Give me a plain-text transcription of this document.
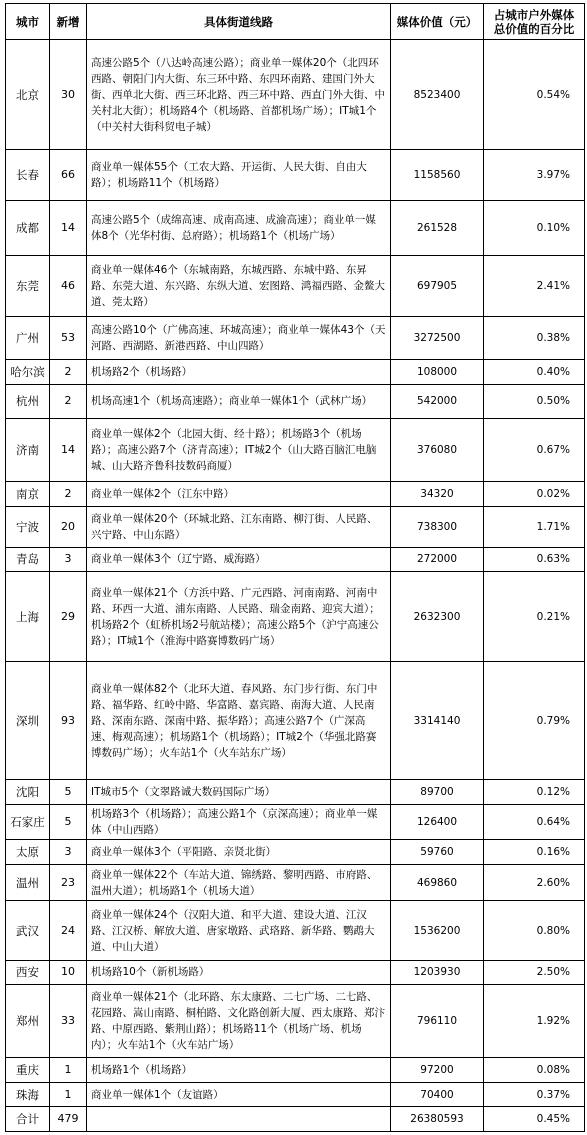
城市	新增	具体街道线路	媒体价值（元）	占城市户外媒体总价值的百分比
北京	30	高速公路5个（八达岭高速公路）；商业单一媒体20个（北四环西路、朝阳门内大街、东三环中路、东四环南路、建国门外大街、西单北大街、西三环北路、西三环中路、西直门外大街、中关村北大街）；机场路4个（机场路、首都机场广场）；IT城1个（中关村大街科贸电子城）	8523400	0.54%
长春	66	商业单一媒体55个（工农大路、开运街、人民大街、自由大路）；机场路11个（机场路）	1158560	3.97%
成都	14	高速公路5个（成绵高速、成南高速、成渝高速）；商业单一媒体8个（光华村街、总府路）；机场路1个（机场广场）	261528	0.10%
东莞	46	商业单一媒体46个（东城南路，东城西路、东城中路、东昇路、东莞大道、东兴路、东纵大道、宏图路、鸿福西路、金鳌大道、莞太路）	697905	2.41%
广州	53	高速公路10个（广佛高速、环城高速）；商业单一媒体43个（天河路、西湖路、新港西路、中山四路）	3272500	0.38%
哈尔滨	2	机场路2个（机场路）	108000	0.40%
杭州	2	机场高速1个（机场高速路）；商业单一媒体1个（武林广场）	542000	0.50%
济南	14	商业单一媒体2个（北园大街、经十路）；机场路3个（机场路）；高速公路7个（济青高速）；IT城2个（山大路百脑汇电脑城、山大路齐鲁科技数码商厦）	376080	0.67%
南京	2	商业单一媒体2个（江东中路）	34320	0.02%
宁波	20	商业单一媒体20个（环城北路、江东南路、柳汀街、人民路、兴宁路、中山东路）	738300	1.71%
青岛	3	商业单一媒体3个（辽宁路、威海路）	272000	0.63%
上海	29	商业单一媒体21个（方浜中路、广元西路、河南南路、河南中路、环西一大道、浦东南路、人民路、瑞金南路、迎宾大道）；机场路2个（虹桥机场2号航站楼）；高速公路5个（沪宁高速公路）；IT城1个（淮海中路赛博数码广场）	2632300	0.21%
深圳	93	商业单一媒体82个（北环大道、春风路、东门步行街、东门中路、福华路、红岭中路、华富路、嘉宾路、南海大道、人民南路、深南东路、深南中路、振华路）；高速公路7个（广深高速、梅观高速）；机场路1个（机场路）；IT城2个（华强北路赛博数码广场）；火车站1个（火车站东广场）	3314140	0.79%
沈阳	5	IT城市5个（文翠路诚大数码国际广场）	89700	0.12%
石家庄	5	机场路3个（机场路）；高速公路1个（京深高速）；商业单一媒体（中山西路）	126400	0.64%
太原	3	商业单一媒体3个（平阳路、亲贤北街）	59760	0.16%
温州	23	商业单一媒体22个（车站大道、锦绣路、黎明西路、市府路、温州大道）；机场路1个（机场大道）	469860	2.60%
武汉	24	商业单一媒体24个（汉阳大道、和平大道、建设大道、江汉路、江汉桥、解放大道、唐家墩路、武珞路、新华路、鹦鹉大道、中山大道）	1536200	0.80%
西安	10	机场路10个（新机场路）	1203930	2.50%
郑州	33	商业单一媒体21个（北环路、东太康路、二七广场、二七路、花园路、嵩山南路、桐柏路、文化路创新大厦、西太康路、郑汴路、中原西路、紫荆山路）；机场路11个（机场广场、机场内）；火车站1个（火车站广场）	796110	1.92%
重庆	1	机场路1个（机场路）	97200	0.08%
珠海	1	商业单一媒体1个（友谊路）	70400	0.37%
合计	479		26380593	0.45%
